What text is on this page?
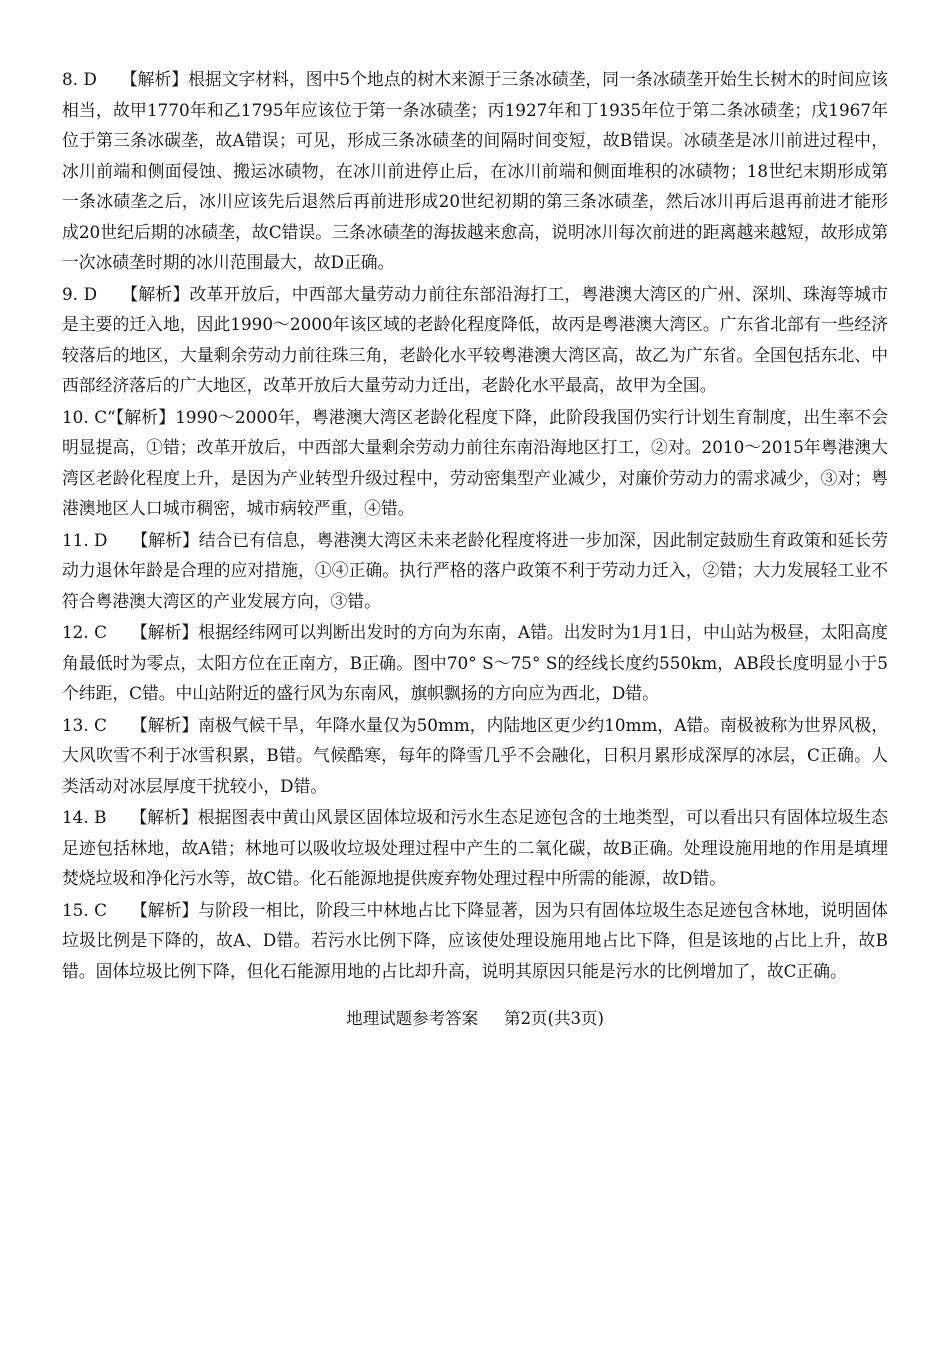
8. D 【解析】根据文字材料，图中5个地点的树木来源于三条冰碛垄，同一条冰碛垄开始生长树木的时间应该相当，故甲1770年和乙1795年应该位于第一条冰碛垄；丙1927年和丁1935年位于第二条冰碛垄；戊1967年位于第三条冰碳垄，故A错误；可见，形成三条冰碛垄的间隔时间变短，故B错误。冰碛垄是冰川前进过程中，冰川前端和侧面侵蚀、搬运冰碛物，在冰川前进停止后，在冰川前端和侧面堆积的冰碛物；18世纪末期形成第一条冰碛垄之后，冰川应该先后退然后再前进形成20世纪初期的第三条冰碛垄，然后冰川再后退再前进才能形成20世纪后期的冰碛垄，故C错误。三条冰碛垄的海拔越来愈高，说明冰川每次前进的距离越来越短，故形成第一次冰碛垄时期的冰川范围最大，故D正确。

9. D 【解析】改革开放后，中西部大量劳动力前往东部沿海打工，粤港澳大湾区的广州、深圳、珠海等城市是主要的迁入地，因此1990～2000年该区域的老龄化程度降低，故丙是粤港澳大湾区。广东省北部有一些经济较落后的地区，大量剩余劳动力前往珠三角，老龄化水平较粤港澳大湾区高，故乙为广东省。全国包括东北、中西部经济落后的广大地区，改革开放后大量劳动力迁出，老龄化水平最高，故甲为全国。

10. C“【解析】1990～2000年，粤港澳大湾区老龄化程度下降，此阶段我国仍实行计划生育制度，出生率不会明显提高，①错；改革开放后，中西部大量剩余劳动力前往东南沿海地区打工，②对。2010～2015年粤港澳大湾区老龄化程度上升，是因为产业转型升级过程中，劳动密集型产业减少，对廉价劳动力的需求减少，③对；粤港澳地区人口城市稠密，城市病较严重，④错。

11. D 【解析】结合已有信息，粤港澳大湾区未来老龄化程度将进一步加深，因此制定鼓励生育政策和延长劳动力退休年龄是合理的应对措施，①④正确。执行严格的落户政策不利于劳动力迁入，②错；大力发展轻工业不符合粤港澳大湾区的产业发展方向，③错。

12. C 【解析】根据经纬网可以判断出发时的方向为东南，A错。出发时为1月1日，中山站为极昼，太阳高度角最低时为零点，太阳方位在正南方，B正确。图中70° S～75° S的经线长度约550km，AB段长度明显小于5个纬距，C错。中山站附近的盛行风为东南风，旗帜飘扬的方向应为西北，D错。

13. C 【解析】南极气候干旱，年降水量仅为50mm，内陆地区更少约10mm，A错。南极被称为世界风极，大风吹雪不利于冰雪积累，B错。气候酷寒，每年的降雪几乎不会融化，日积月累形成深厚的冰层，C正确。人类活动对冰层厚度干扰较小，D错。

14. B 【解析】根据图表中黄山风景区固体垃圾和污水生态足迹包含的土地类型，可以看出只有固体垃圾生态足迹包括林地，故A错；林地可以吸收垃圾处理过程中产生的二氧化碳，故B正确。处理设施用地的作用是填埋焚烧垃圾和净化污水等，故C错。化石能源地提供废弃物处理过程中所需的能源，故D错。

15. C 【解析】与阶段一相比，阶段三中林地占比下降显著，因为只有固体垃圾生态足迹包含林地，说明固体垃圾比例是下降的，故A、D错。若污水比例下降，应该使处理设施用地占比下降，但是该地的占比上升，故B错。固体垃圾比例下降，但化石能源用地的占比却升高，说明其原因只能是污水的比例增加了，故C正确。

地理试题参考答案 第2页(共3页)
